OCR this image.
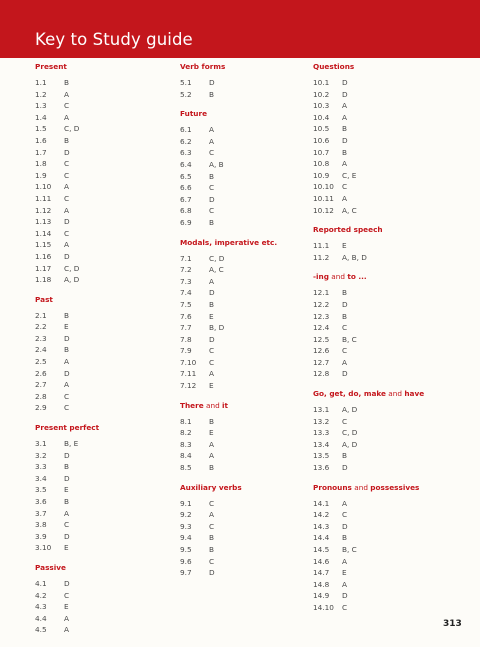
Key to Study guide
Present
1.1	B
1.2	A
1.3	C
1.4	A
1.5	C, D
1.6	B
1.7	D
1.8	C
1.9	C
1.10	A
1.11	C
1.12	A
1.13	D
1.14	C
1.15	A
1.16	D
1.17	C, D
1.18	A, D
Past
2.1	B
2.2	E
2.3	D
2.4	B
2.5	A
2.6	D
2.7	A
2.8	C
2.9	C
Present perfect
3.1	B, E
3.2	D
3.3	B
3.4	D
3.5	E
3.6	B
3.7	A
3.8	C
3.9	D
3.10	E
Passive
4.1	D
4.2	C
4.3	E
4.4	A
4.5	A
Verb forms
5.1	D
5.2	B
Future
6.1	A
6.2	A
6.3	C
6.4	A, B
6.5	B
6.6	C
6.7	D
6.8	C
6.9	B
Modals, imperative etc.
7.1	C, D
7.2	A, C
7.3	A
7.4	D
7.5	B
7.6	E
7.7	B, D
7.8	D
7.9	C
7.10	C
7.11	A
7.12	E
There and it
8.1	B
8.2	E
8.3	A
8.4	A
8.5	B
Auxiliary verbs
9.1	C
9.2	A
9.3	C
9.4	B
9.5	B
9.6	C
9.7	D
Questions
10.1	D
10.2	D
10.3	A
10.4	A
10.5	B
10.6	D
10.7	B
10.8	A
10.9	C, E
10.10	C
10.11	A
10.12	A, C
Reported speech
11.1	E
11.2	A, B, D
-ing and to ...
12.1	B
12.2	D
12.3	B
12.4	C
12.5	B, C
12.6	C
12.7	A
12.8	D
Go, get, do, make and have
13.1	A, D
13.2	C
13.3	C, D
13.4	A, D
13.5	B
13.6	D
Pronouns and possessives
14.1	A
14.2	C
14.3	D
14.4	B
14.5	B, C
14.6	A
14.7	E
14.8	A
14.9	D
14.10	C
313
